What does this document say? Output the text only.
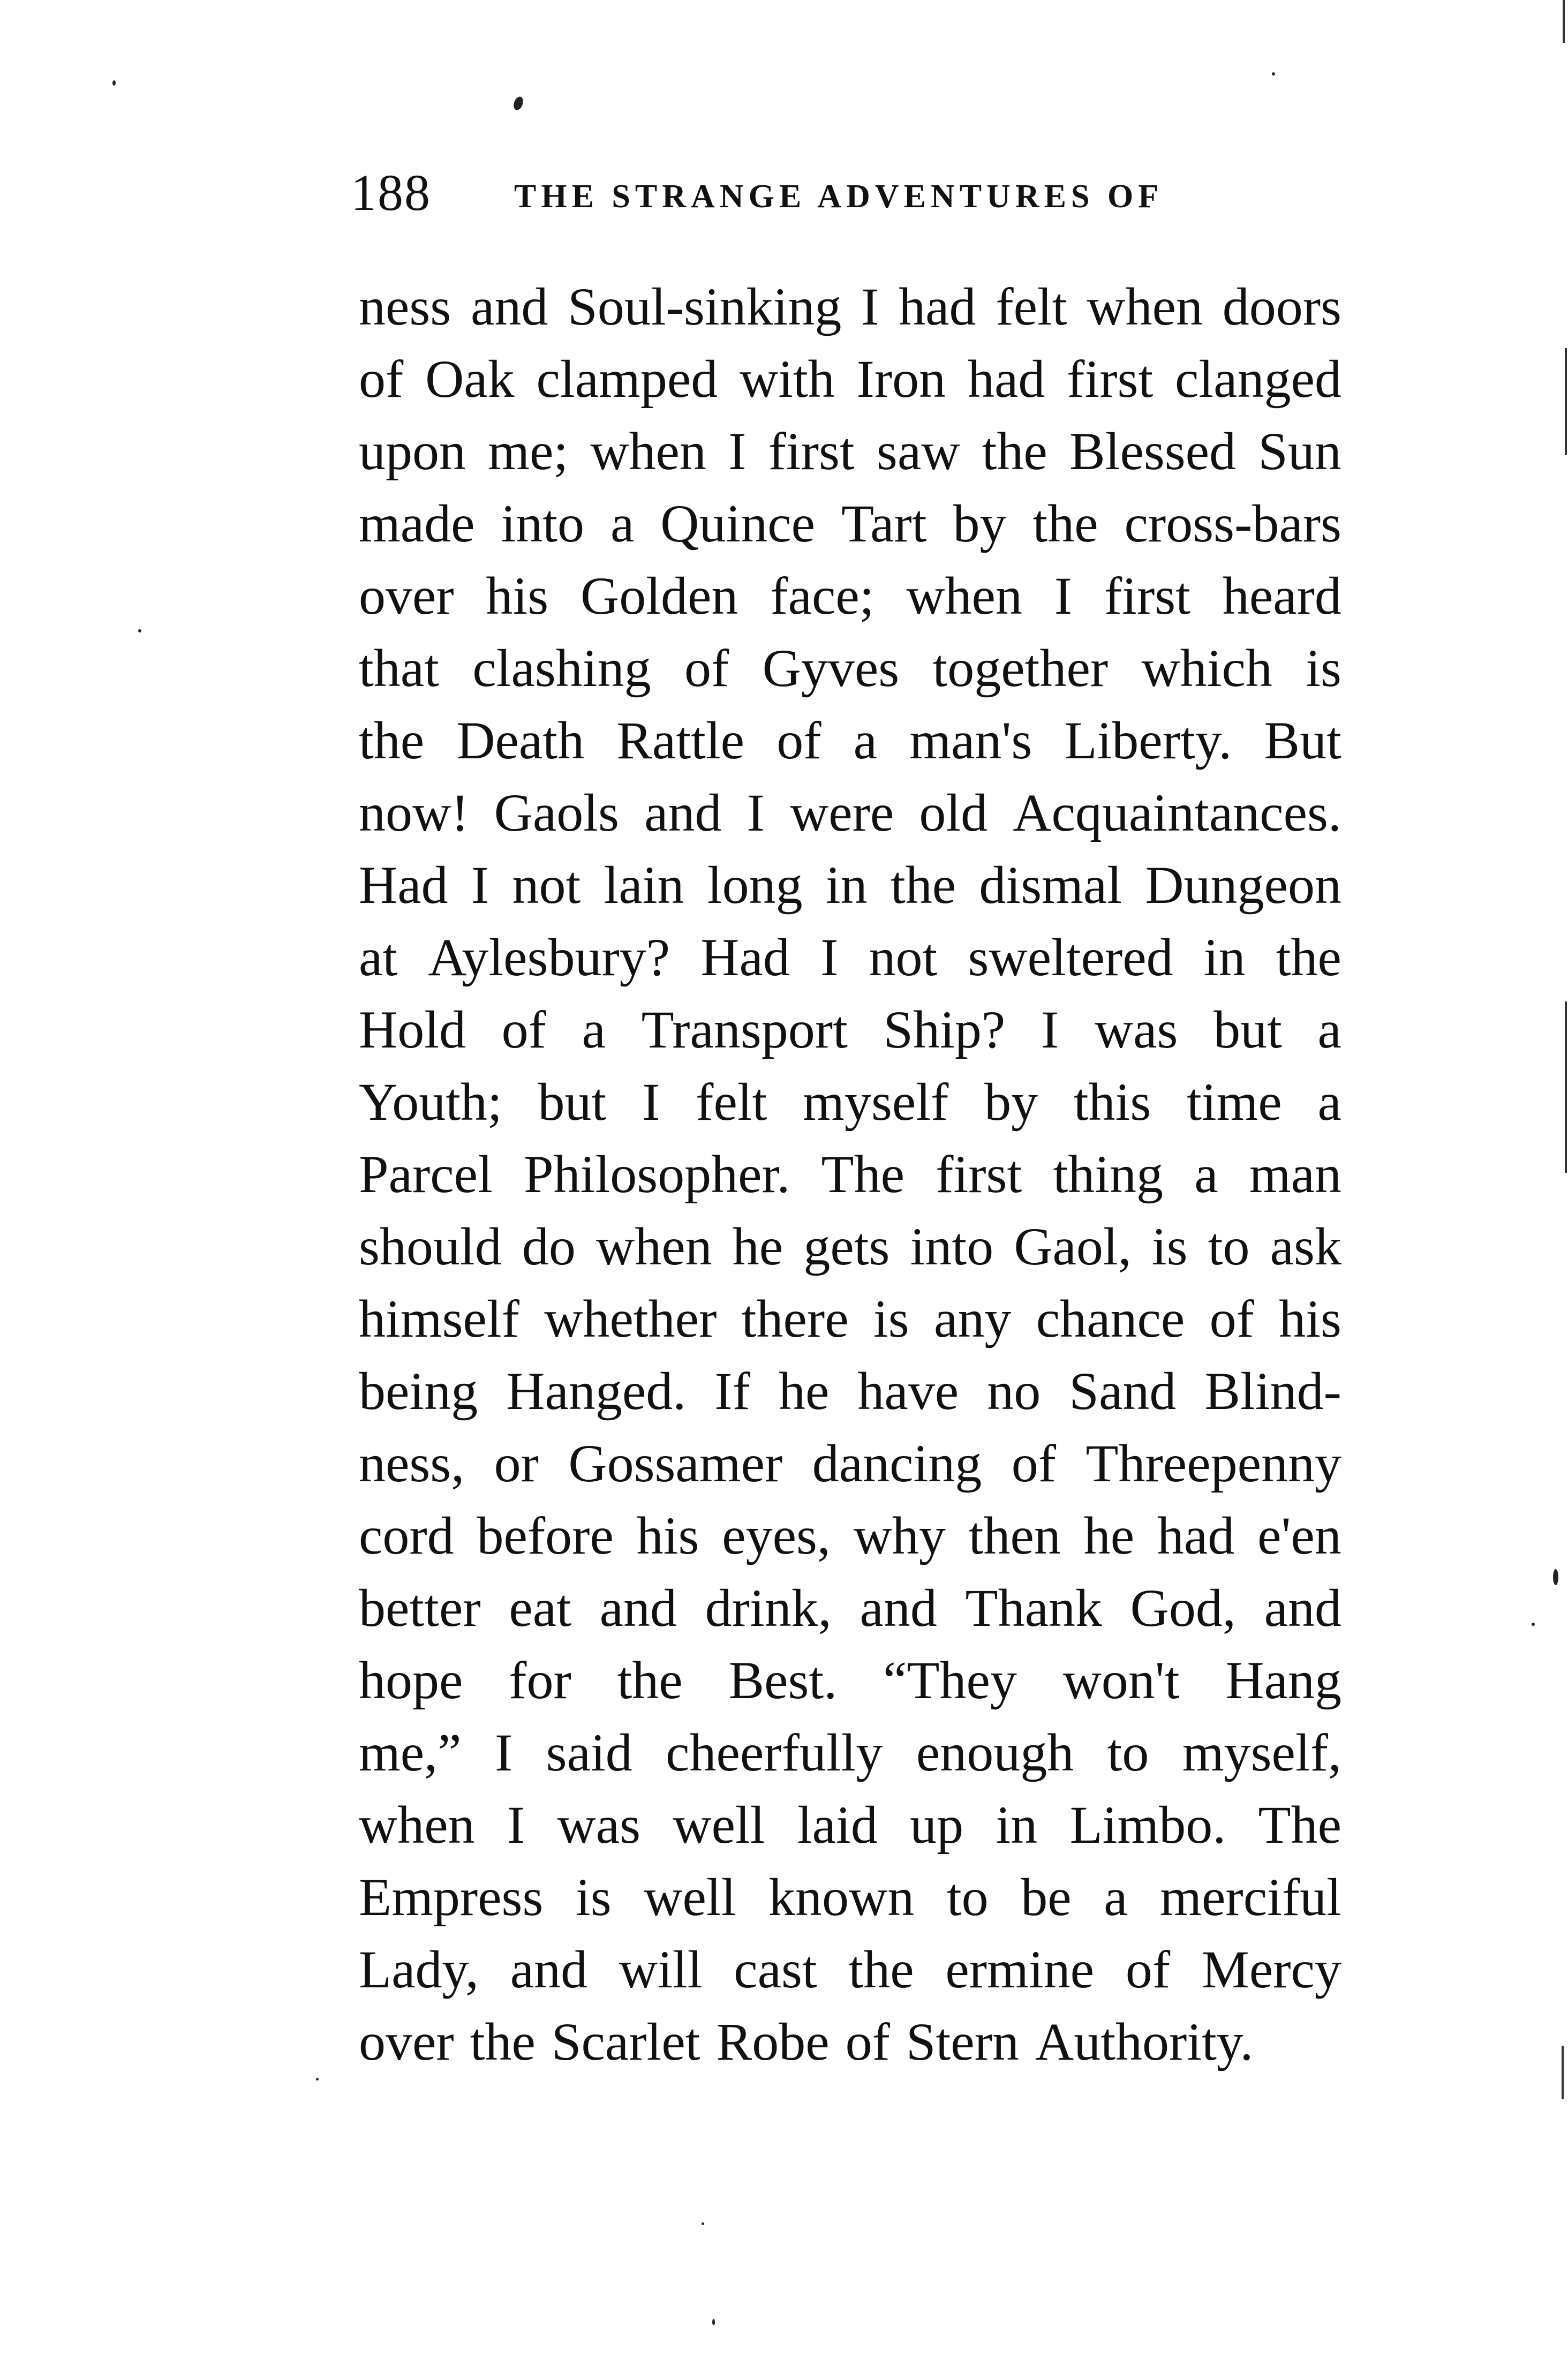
188	THE STRANGE ADVENTURES OF
ness and Soul-sinking I had felt when doors
of Oak clamped with Iron had first clanged
upon me; when I first saw the Blessed Sun
made into a Quince Tart by the cross-bars
over his Golden face; when I first heard
that clashing of Gyves together which is
the Death Rattle of a man's Liberty. But
now! Gaols and I were old Acquaintances.
Had I not lain long in the dismal Dungeon
at Aylesbury? Had I not sweltered in the
Hold of a Transport Ship? I was but a
Youth; but I felt myself by this time a
Parcel Philosopher. The first thing a man
should do when he gets into Gaol, is to ask
himself whether there is any chance of his
being Hanged. If he have no Sand Blind-
ness, or Gossamer dancing of Threepenny
cord before his eyes, why then he had e'en
better eat and drink, and Thank God, and
hope for the Best. “They won't Hang
me,” I said cheerfully enough to myself,
when I was well laid up in Limbo. The
Empress is well known to be a merciful
Lady, and will cast the ermine of Mercy
over the Scarlet Robe of Stern Authority.
